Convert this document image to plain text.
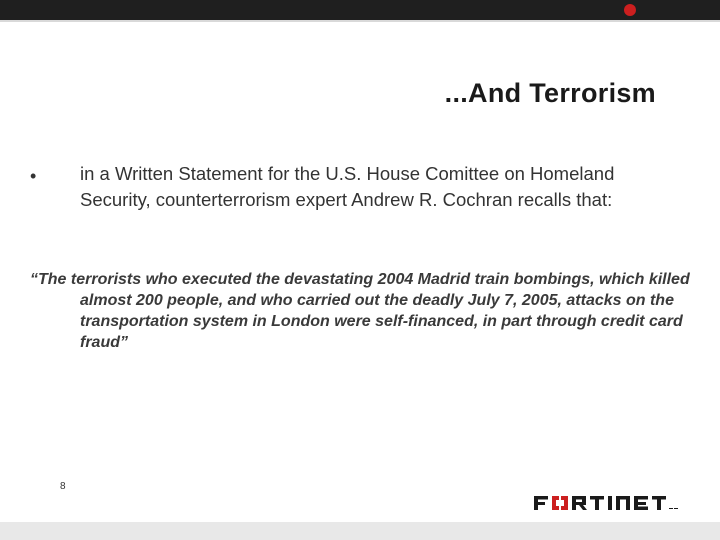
...And Terrorism
• in a Written Statement for the U.S. House Comittee on Homeland Security, counterterrorism expert Andrew R. Cochran recalls that:
“The terrorists who executed the devastating 2004 Madrid train bombings, which killed almost 200 people, and who carried out the deadly July 7, 2005, attacks on the transportation system in London were self-financed, in part through credit card fraud”
8
